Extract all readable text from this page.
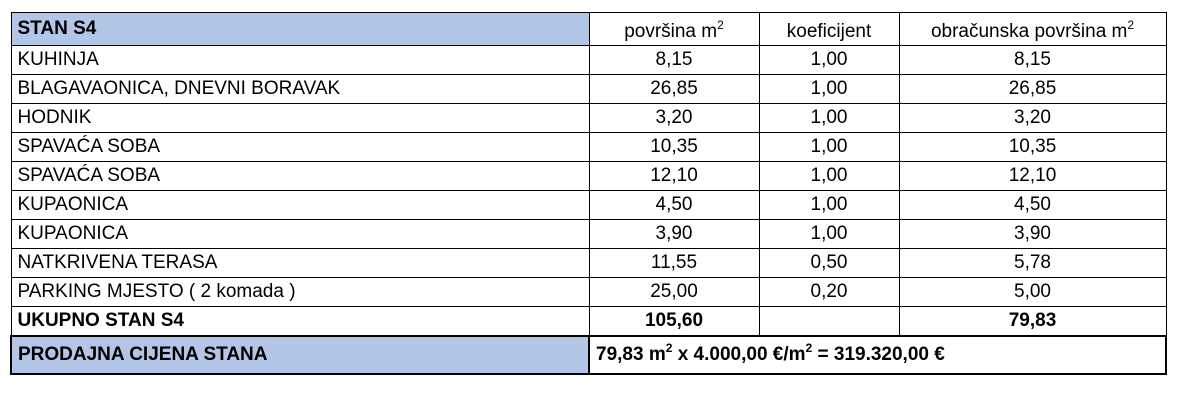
STAN S4	površina $m^2$	koeficijent	obračunska površina $m^2$
KUHINJA	8,15	1,00	8,15
BLAGAVAONICA, DNEVNI BORAVAK	26,85	1,00	26,85
HODNIK	3,20	1,00	3,20
SPAVAĆA SOBA	10,35	1,00	10,35
SPAVAĆA SOBA	12,10	1,00	12,10
KUPAONICA	4,50	1,00	4,50
KUPAONICA	3,90	1,00	3,90
NATKRIVENA TERASA	11,55	0,50	5,78
PARKING MJESTO ( 2 komada )	25,00	0,20	5,00
UKUPNO STAN S4	105,60		79,83
PRODAJNA CIJENA STANA	79,83 $m^2$ x 4.000,00 $€/m^2 = 319.320,00$ €		
